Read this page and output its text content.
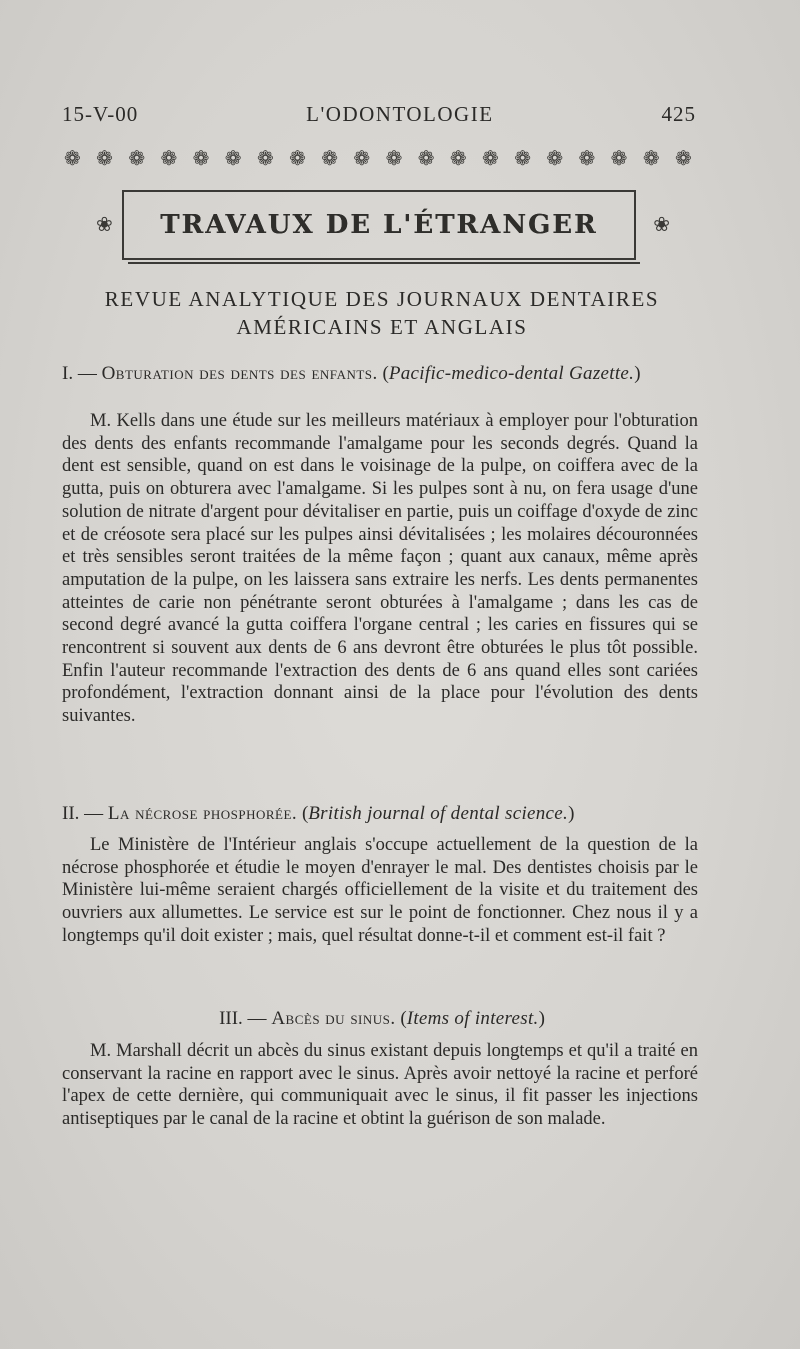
15-V-00	L'ODONTOLOGIE	425
❁ ❁ ❁ ❁ ❁ ❁ ❁ ❁ ❁ ❁ ❁ ❁ ❁ ❁ ❁ ❁ ❁ ❁ ❁ ❁
❀ TRAVAUX DE L'ÉTRANGER	❀
REVUE ANALYTIQUE DES JOURNAUX DENTAIRES
AMÉRICAINS ET ANGLAIS
I. — Obturation des dents des enfants. (Pacific-medico-dental Gazette.)

M. Kells dans une étude sur les meilleurs matériaux à employer pour l'obturation des dents des enfants recommande l'amalgame pour les seconds degrés. Quand la dent est sensible, quand on est dans le voisinage de la pulpe, on coiffera avec de la gutta, puis on obturera avec l'amalgame. Si les pulpes sont à nu, on fera usage d'une solution de nitrate d'argent pour dévitaliser en partie, puis un coiffage d'oxyde de zinc et de créosote sera placé sur les pulpes ainsi dévitalisées ; les molaires découronnées et très sensibles seront traitées de la même façon ; quant aux canaux, même après amputation de la pulpe, on les laissera sans extraire les nerfs. Les dents permanentes atteintes de carie non pénétrante seront obturées à l'amalgame ; dans les cas de second degré avancé la gutta coiffera l'organe central ; les caries en fissures qui se rencontrent si souvent aux dents de 6 ans devront être obturées le plus tôt possible. Enfin l'auteur recommande l'extraction des dents de 6 ans quand elles sont cariées profondément, l'extraction donnant ainsi de la place pour l'évolution des dents suivantes.

II. — La nécrose phosphorée. (British journal of dental science.)

Le Ministère de l'Intérieur anglais s'occupe actuellement de la question de la nécrose phosphorée et étudie le moyen d'enrayer le mal. Des dentistes choisis par le Ministère lui-même seraient chargés officiellement de la visite et du traitement des ouvriers aux allumettes. Le service est sur le point de fonctionner. Chez nous il y a longtemps qu'il doit exister ; mais, quel résultat donne-t-il et comment est-il fait ?

III. — Abcès du sinus. (Items of interest.)

M. Marshall décrit un abcès du sinus existant depuis longtemps et qu'il a traité en conservant la racine en rapport avec le sinus. Après avoir nettoyé la racine et perforé l'apex de cette dernière, qui communiquait avec le sinus, il fit passer les injections antiseptiques par le canal de la racine et obtint la guérison de son malade.
